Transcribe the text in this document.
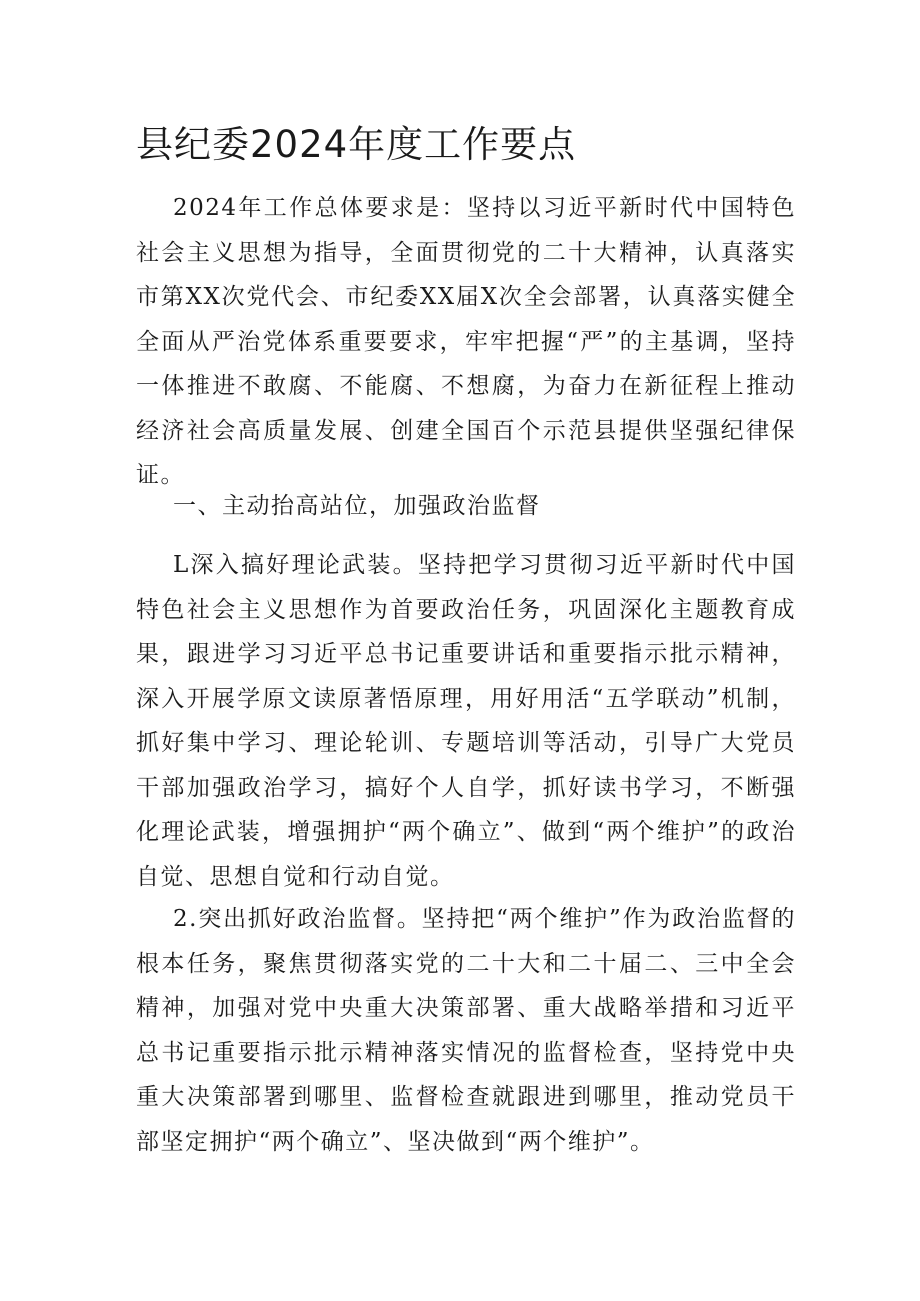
县纪委2024年度工作要点

2024年工作总体要求是：坚持以习近平新时代中国特色社会主义思想为指导，全面贯彻党的二十大精神，认真落实市第XX次党代会、市纪委XX届X次全会部署，认真落实健全全面从严治党体系重要要求，牢牢把握“严”的主基调，坚持一体推进不敢腐、不能腐、不想腐，为奋力在新征程上推动经济社会高质量发展、创建全国百个示范县提供坚强纪律保证。

一、主动抬高站位，加强政治监督

L深入搞好理论武装。坚持把学习贯彻习近平新时代中国特色社会主义思想作为首要政治任务，巩固深化主题教育成果，跟进学习习近平总书记重要讲话和重要指示批示精神，深入开展学原文读原著悟原理，用好用活“五学联动”机制，抓好集中学习、理论轮训、专题培训等活动，引导广大党员干部加强政治学习，搞好个人自学，抓好读书学习，不断强化理论武装，增强拥护“两个确立”、做到“两个维护”的政治自觉、思想自觉和行动自觉。

2.突出抓好政治监督。坚持把“两个维护”作为政治监督的根本任务，聚焦贯彻落实党的二十大和二十届二、三中全会精神，加强对党中央重大决策部署、重大战略举措和习近平总书记重要指示批示精神落实情况的监督检查，坚持党中央重大决策部署到哪里、监督检查就跟进到哪里，推动党员干部坚定拥护“两个确立”、坚决做到“两个维护”。
